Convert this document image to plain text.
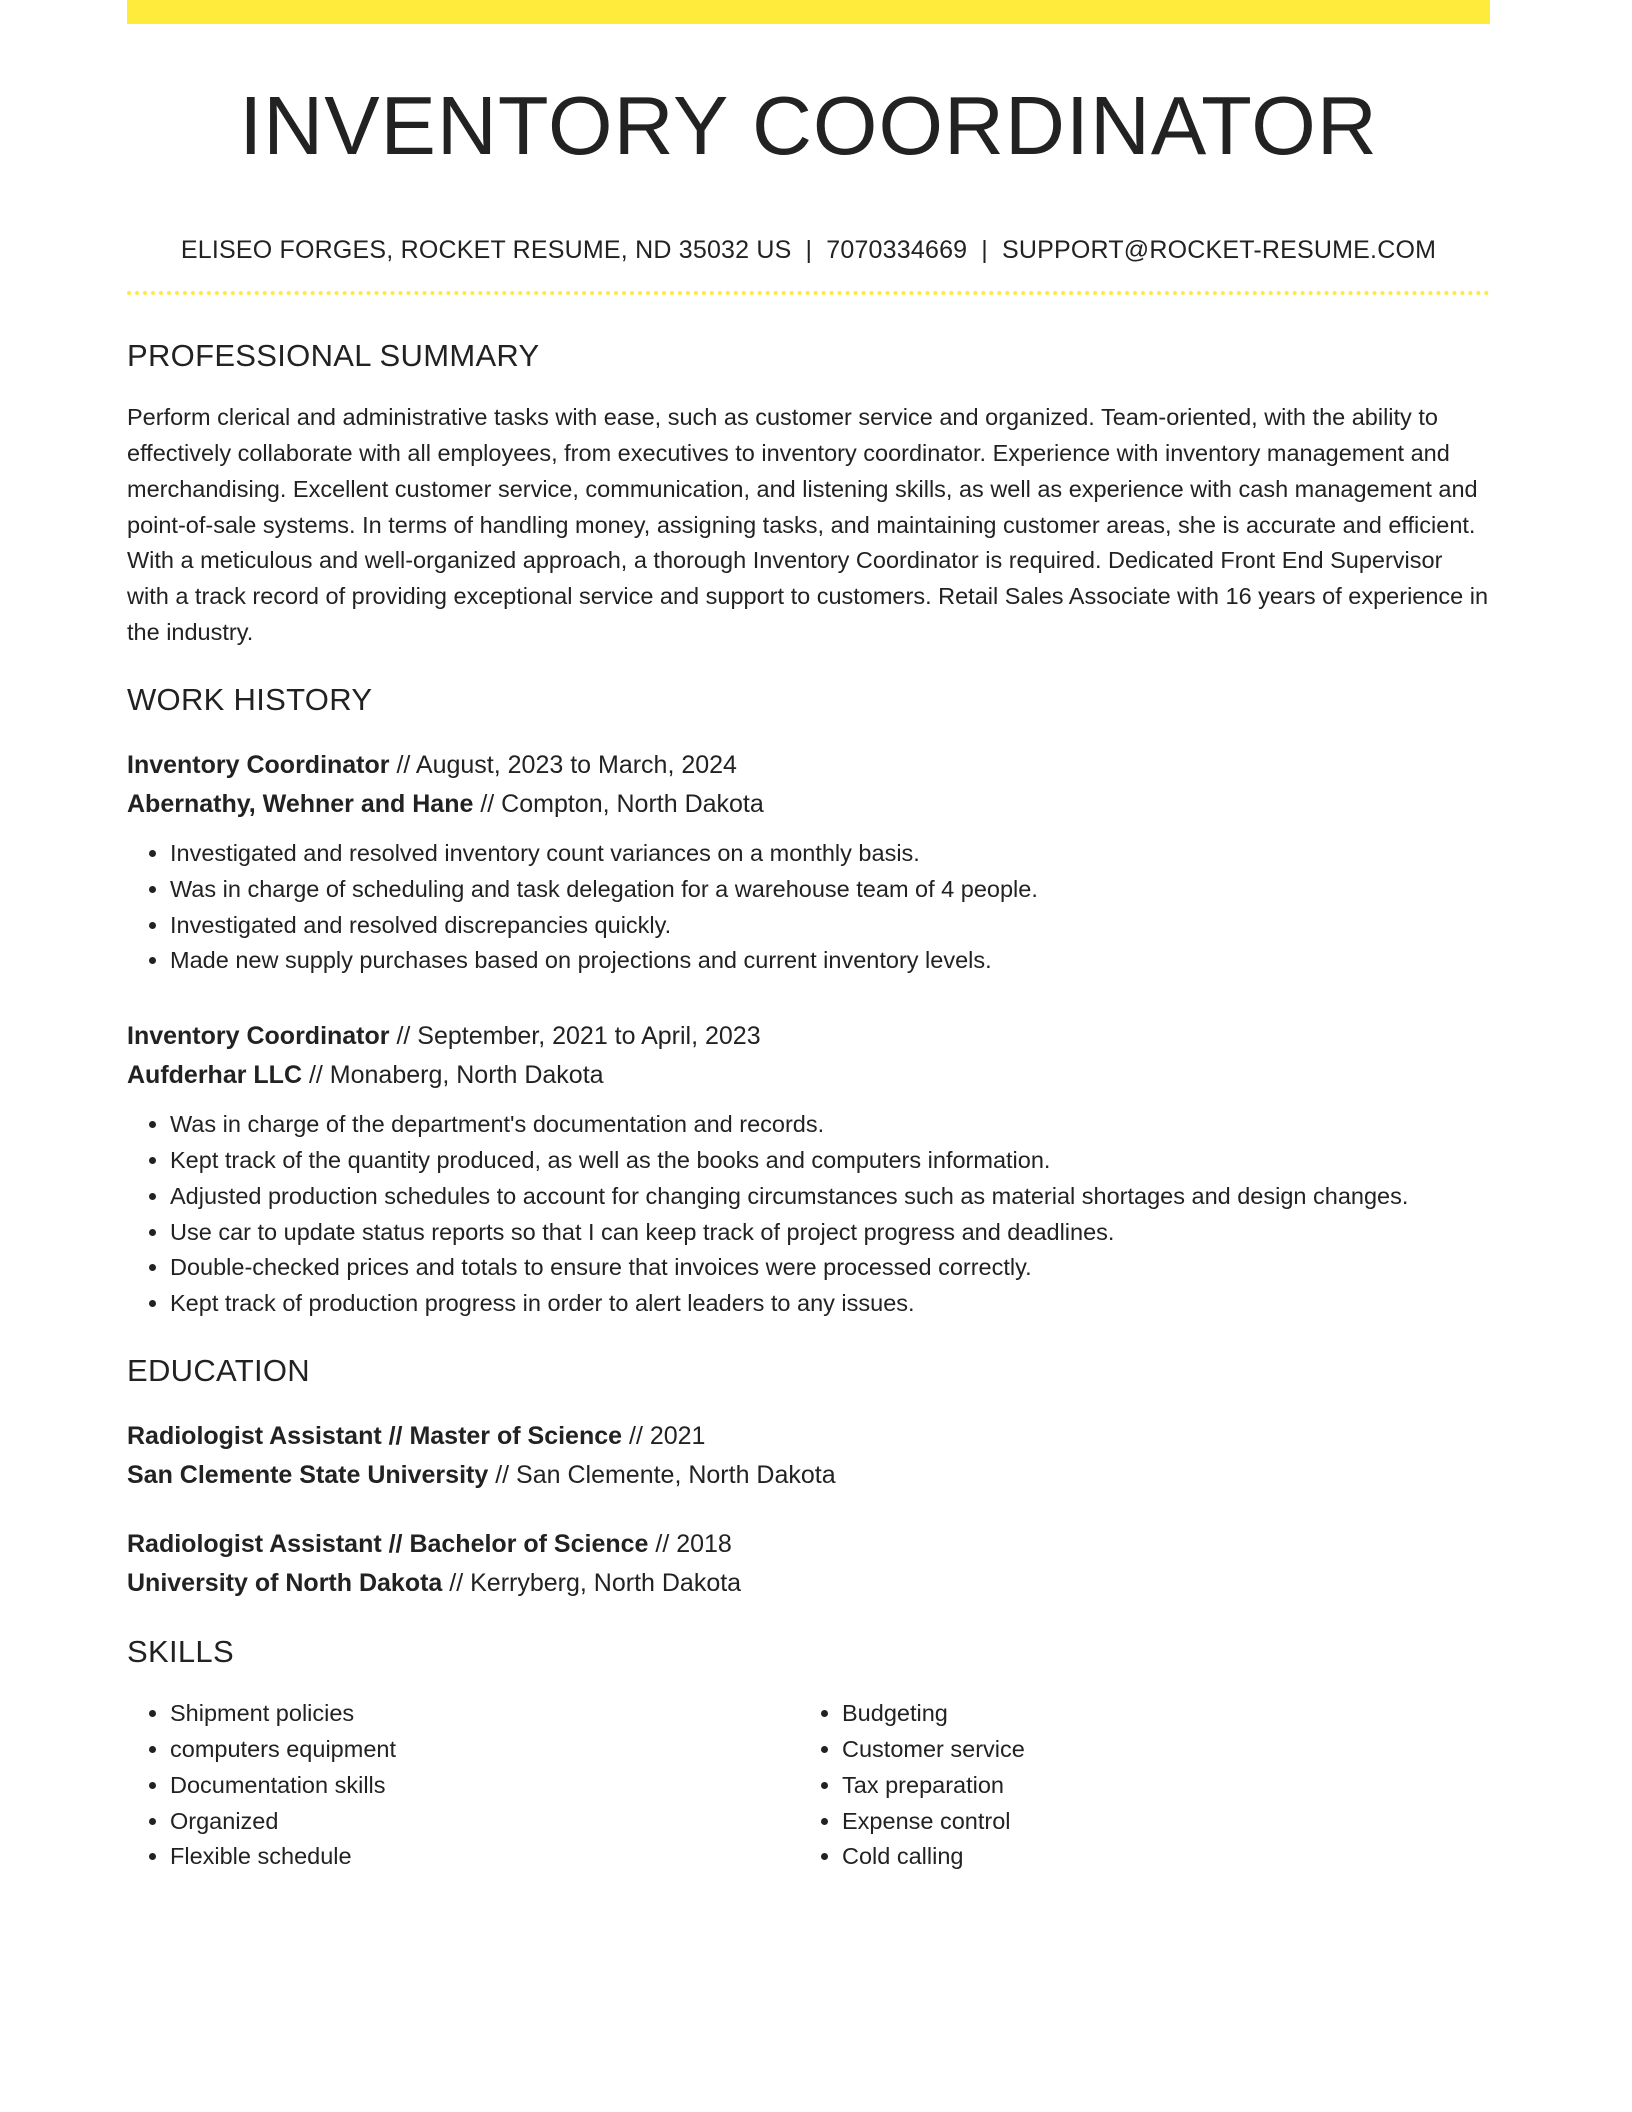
INVENTORY COORDINATOR
ELISEO FORGES, ROCKET RESUME, ND 35032 US | 7070334669 | SUPPORT@ROCKET-RESUME.COM
PROFESSIONAL SUMMARY
Perform clerical and administrative tasks with ease, such as customer service and organized. Team-oriented, with the ability to effectively collaborate with all employees, from executives to inventory coordinator. Experience with inventory management and merchandising. Excellent customer service, communication, and listening skills, as well as experience with cash management and point-of-sale systems. In terms of handling money, assigning tasks, and maintaining customer areas, she is accurate and efficient. With a meticulous and well-organized approach, a thorough Inventory Coordinator is required. Dedicated Front End Supervisor with a track record of providing exceptional service and support to customers. Retail Sales Associate with 16 years of experience in the industry.
WORK HISTORY
Inventory Coordinator // August, 2023 to March, 2024
Abernathy, Wehner and Hane // Compton, North Dakota
• Investigated and resolved inventory count variances on a monthly basis.
• Was in charge of scheduling and task delegation for a warehouse team of 4 people.
• Investigated and resolved discrepancies quickly.
• Made new supply purchases based on projections and current inventory levels.
Inventory Coordinator // September, 2021 to April, 2023
Aufderhar LLC // Monaberg, North Dakota
• Was in charge of the department's documentation and records.
• Kept track of the quantity produced, as well as the books and computers information.
• Adjusted production schedules to account for changing circumstances such as material shortages and design changes.
• Use car to update status reports so that I can keep track of project progress and deadlines.
• Double-checked prices and totals to ensure that invoices were processed correctly.
• Kept track of production progress in order to alert leaders to any issues.
EDUCATION
Radiologist Assistant // Master of Science // 2021
San Clemente State University // San Clemente, North Dakota
Radiologist Assistant // Bachelor of Science // 2018
University of North Dakota // Kerryberg, North Dakota
SKILLS
• Shipment policies
• computers equipment
• Documentation skills
• Organized
• Flexible schedule
• Budgeting
• Customer service
• Tax preparation
• Expense control
• Cold calling
